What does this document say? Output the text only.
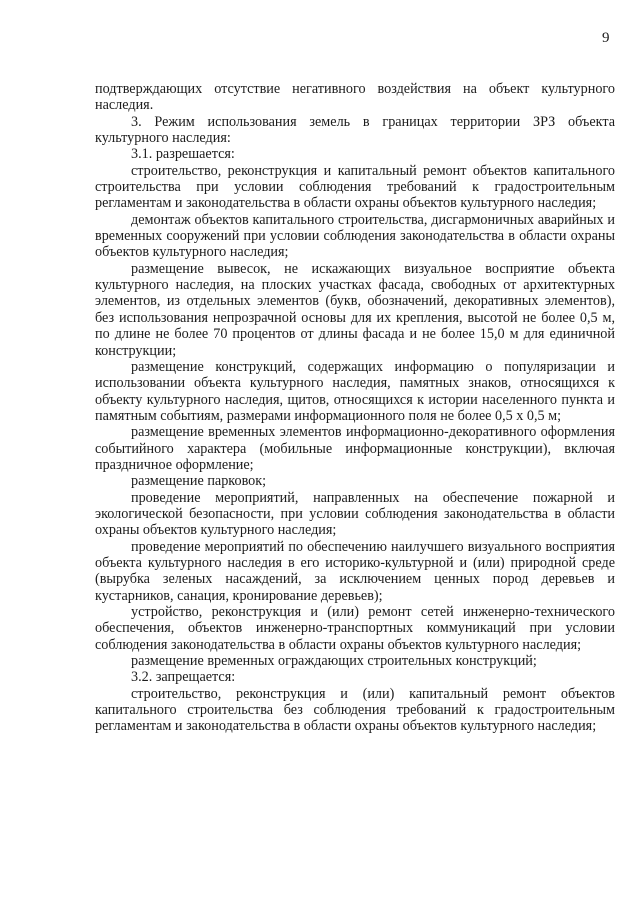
9

подтверждающих отсутствие негативного воздействия на объект культурного наследия.

3. Режим использования земель в границах территории ЗРЗ объекта культурного наследия:

3.1. разрешается:

строительство, реконструкция и капитальный ремонт объектов капитального строительства при условии соблюдения требований к градостроительным регламентам и законодательства в области охраны объектов культурного наследия;

демонтаж объектов капитального строительства, дисгармоничных аварийных и временных сооружений при условии соблюдения законодательства в области охраны объектов культурного наследия;

размещение вывесок, не искажающих визуальное восприятие объекта культурного наследия, на плоских участках фасада, свободных от архитектурных элементов, из отдельных элементов (букв, обозначений, декоративных элементов), без использования непрозрачной основы для их крепления, высотой не более 0,5 м, по длине не более 70 процентов от длины фасада и не более 15,0 м для единичной конструкции;

размещение конструкций, содержащих информацию о популяризации и использовании объекта культурного наследия, памятных знаков, относящихся к объекту культурного наследия, щитов, относящихся к истории населенного пункта и памятным событиям, размерами информационного поля не более 0,5 х 0,5 м;

размещение временных элементов информационно-декоративного оформления событийного характера (мобильные информационные конструкции), включая праздничное оформление;

размещение парковок;

проведение мероприятий, направленных на обеспечение пожарной и экологической безопасности, при условии соблюдения законодательства в области охраны объектов культурного наследия;

проведение мероприятий по обеспечению наилучшего визуального восприятия объекта культурного наследия в его историко-культурной и (или) природной среде (вырубка зеленых насаждений, за исключением ценных пород деревьев и кустарников, санация, кронирование деревьев);

устройство, реконструкция и (или) ремонт сетей инженерно-технического обеспечения, объектов инженерно-транспортных коммуникаций при условии соблюдения законодательства в области охраны объектов культурного наследия;

размещение временных ограждающих строительных конструкций;

3.2. запрещается:

строительство, реконструкция и (или) капитальный ремонт объектов капитального строительства без соблюдения требований к градостроительным регламентам и законодательства в области охраны объектов культурного наследия;
